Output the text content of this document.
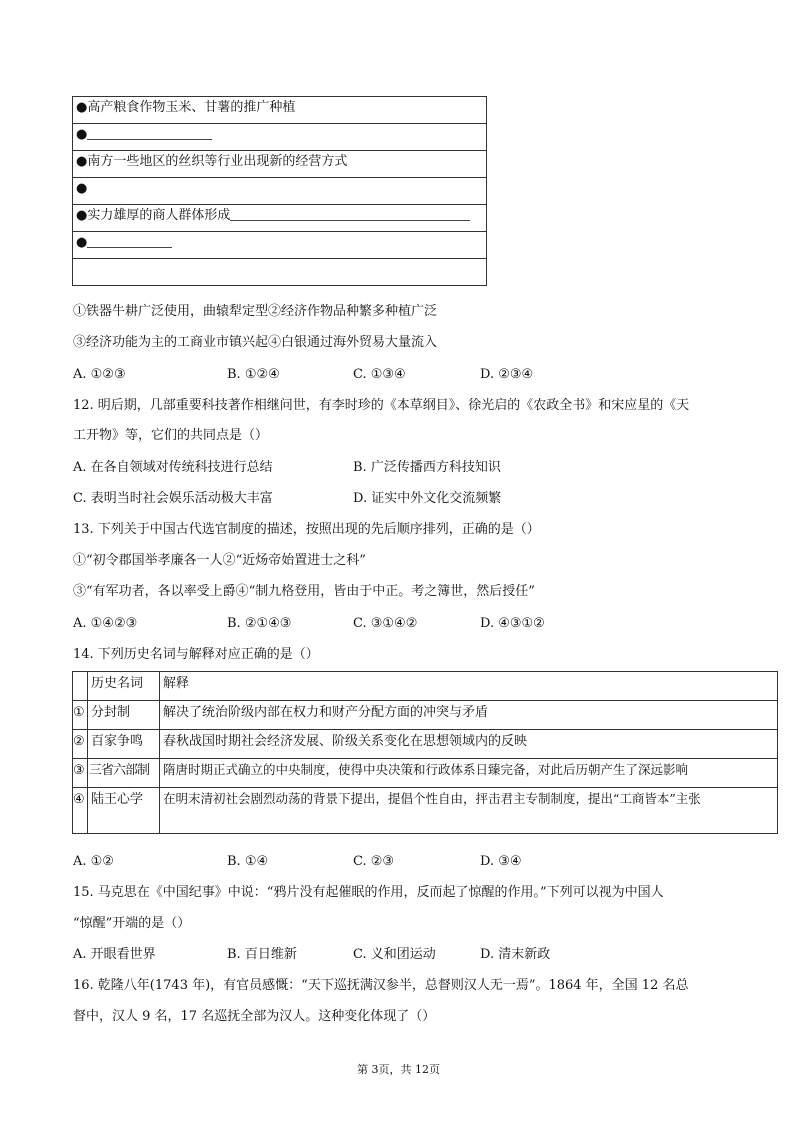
●高产粮食作物玉米、甘薯的推广种植
●
●南方一些地区的丝织等行业出现新的经营方式
●
●实力雄厚的商人群体形成
●

①铁器牛耕广泛使用，曲辕犁定型②经济作物品种繁多种植广泛
③经济功能为主的工商业市镇兴起④白银通过海外贸易大量流入
A. ①②③	B. ①②④	C. ①③④	D. ②③④
12. 明后期，几部重要科技著作相继问世，有李时珍的《本草纲目》、徐光启的《农政全书》和宋应星的《天
工开物》等，它们的共同点是（）
A. 在各自领域对传统科技进行总结	B. 广泛传播西方科技知识
C. 表明当时社会娱乐活动极大丰富	D. 证实中外文化交流频繁
13. 下列关于中国古代选官制度的描述，按照出现的先后顺序排列，正确的是（）
①“初令郡国举孝廉各一人②“近炀帝始置进士之科”
③“有军功者，各以率受上爵④“制九格登用，皆由于中正。考之簿世，然后授任”
A. ①④②③	B. ②①④③	C. ③①④②	D. ④③①②
14. 下列历史名词与解释对应正确的是（）
	历史名词	解释
①	分封制	解决了统治阶级内部在权力和财产分配方面的冲突与矛盾
②	百家争鸣	春秋战国时期社会经济发展、阶级关系变化在思想领域内的反映
③	三省六部制	隋唐时期正式确立的中央制度，使得中央决策和行政体系日臻完备，对此后历朝产生了深远影响
④	陆王心学	在明末清初社会剧烈动荡的背景下提出，提倡个性自由，抨击君主专制制度，提出“工商皆本”主张
A. ①②	B. ①④	C. ②③	D. ③④
15. 马克思在《中国纪事》中说：“鸦片没有起催眠的作用，反而起了惊醒的作用。”下列可以视为中国人
“惊醒”开端的是（）
A. 开眼看世界	B. 百日维新	C. 义和团运动	D. 清末新政
16. 乾隆八年(1743 年)，有官员感慨：“天下巡抚满汉参半，总督则汉人无一焉”。1864 年，全国 12 名总
督中，汉人 9 名，17 名巡抚全部为汉人。这种变化体现了（）
第 3页，共 12页
